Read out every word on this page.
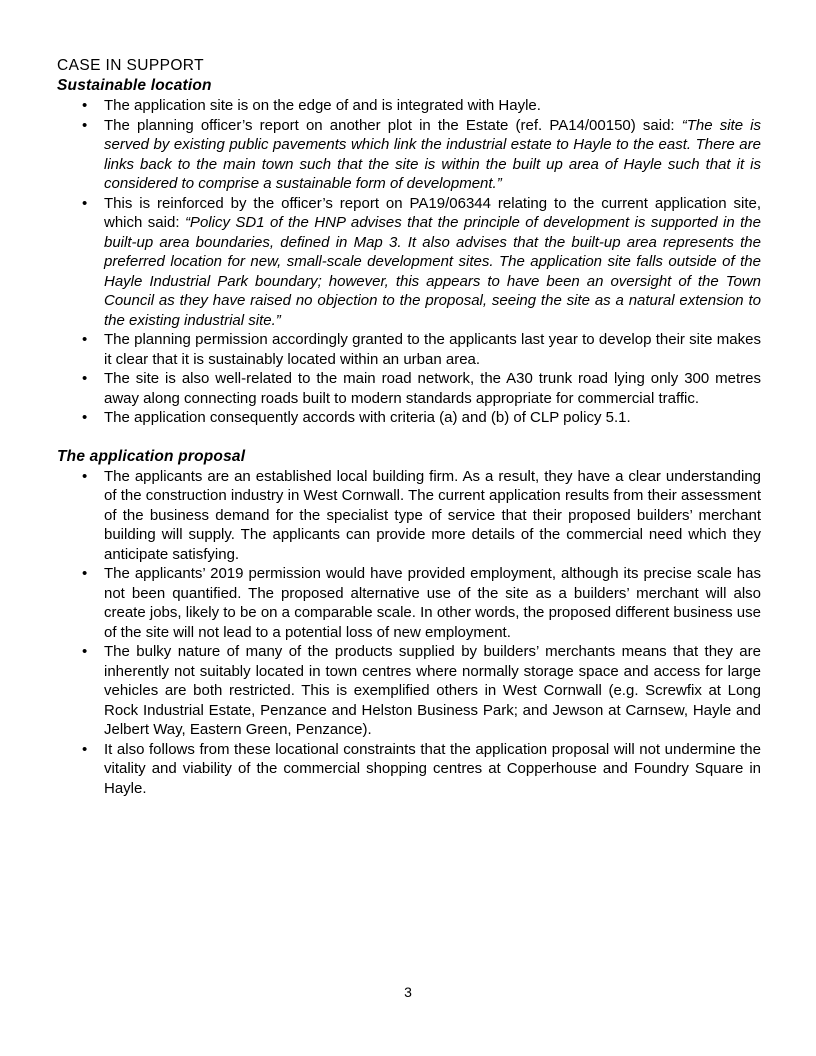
CASE IN SUPPORT
Sustainable location
• The application site is on the edge of and is integrated with Hayle.
• The planning officer’s report on another plot in the Estate (ref. PA14/00150) said: “The site is served by existing public pavements which link the industrial estate to Hayle to the east. There are links back to the main town such that the site is within the built up area of Hayle such that it is considered to comprise a sustainable form of development.”
• This is reinforced by the officer’s report on PA19/06344 relating to the current application site, which said: “Policy SD1 of the HNP advises that the principle of development is supported in the built-up area boundaries, defined in Map 3. It also advises that the built-up area represents the preferred location for new, small-scale development sites. The application site falls outside of the Hayle Industrial Park boundary; however, this appears to have been an oversight of the Town Council as they have raised no objection to the proposal, seeing the site as a natural extension to the existing industrial site.”
• The planning permission accordingly granted to the applicants last year to develop their site makes it clear that it is sustainably located within an urban area.
• The site is also well-related to the main road network, the A30 trunk road lying only 300 metres away along connecting roads built to modern standards appropriate for commercial traffic.
• The application consequently accords with criteria (a) and (b) of CLP policy 5.1.
The application proposal
• The applicants are an established local building firm. As a result, they have a clear understanding of the construction industry in West Cornwall. The current application results from their assessment of the business demand for the specialist type of service that their proposed builders’ merchant building will supply. The applicants can provide more details of the commercial need which they anticipate satisfying.
• The applicants’ 2019 permission would have provided employment, although its precise scale has not been quantified. The proposed alternative use of the site as a builders’ merchant will also create jobs, likely to be on a comparable scale. In other words, the proposed different business use of the site will not lead to a potential loss of new employment.
• The bulky nature of many of the products supplied by builders’ merchants means that they are inherently not suitably located in town centres where normally storage space and access for large vehicles are both restricted. This is exemplified others in West Cornwall (e.g. Screwfix at Long Rock Industrial Estate, Penzance and Helston Business Park; and Jewson at Carnsew, Hayle and Jelbert Way, Eastern Green, Penzance).
• It also follows from these locational constraints that the application proposal will not undermine the vitality and viability of the commercial shopping centres at Copperhouse and Foundry Square in Hayle.
3
